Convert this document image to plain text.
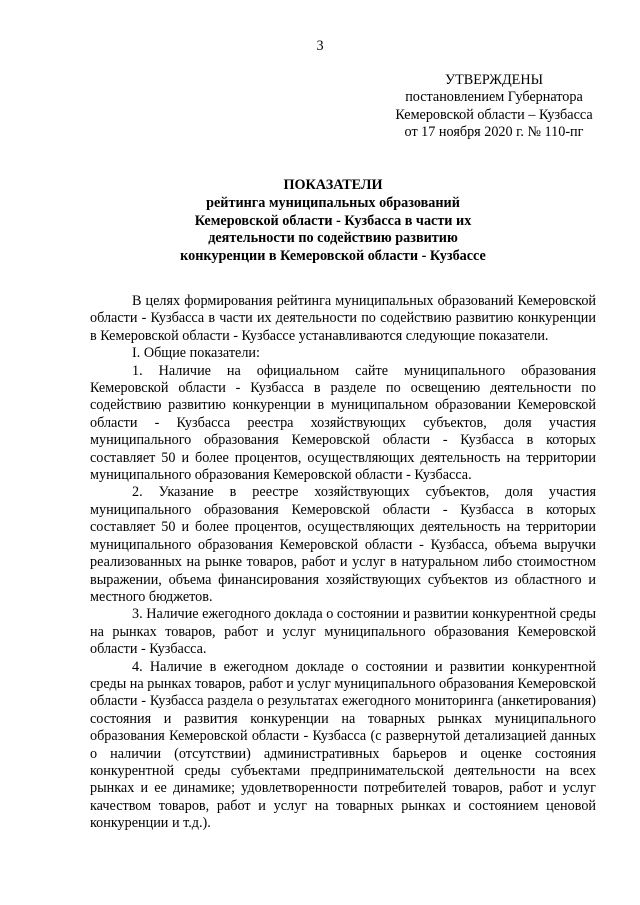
3
УТВЕРЖДЕНЫ
постановлением Губернатора
Кемеровской области – Кузбасса
от 17 ноября 2020 г. № 110-пг
ПОКАЗАТЕЛИ
рейтинга муниципальных образований
Кемеровской области - Кузбасса в части их
деятельности по содействию развитию
конкуренции в Кемеровской области - Кузбассе

В целях формирования рейтинга муниципальных образований Кемеровской области - Кузбасса в части их деятельности по содействию развитию конкуренции в Кемеровской области - Кузбассе устанавливаются следующие показатели.

I. Общие показатели:

1. Наличие на официальном сайте муниципального образования Кемеровской области - Кузбасса в разделе по освещению деятельности по содействию развитию конкуренции в муниципальном образовании Кемеровской области - Кузбасса реестра хозяйствующих субъектов, доля участия муниципального образования Кемеровской области - Кузбасса в которых составляет 50 и более процентов, осуществляющих деятельность на территории муниципального образования Кемеровской области - Кузбасса.

2. Указание в реестре хозяйствующих субъектов, доля участия муниципального образования Кемеровской области - Кузбасса в которых составляет 50 и более процентов, осуществляющих деятельность на территории муниципального образования Кемеровской области - Кузбасса, объема выручки реализованных на рынке товаров, работ и услуг в натуральном либо стоимостном выражении, объема финансирования хозяйствующих субъектов из областного и местного бюджетов.

3. Наличие ежегодного доклада о состоянии и развитии конкурентной среды на рынках товаров, работ и услуг муниципального образования Кемеровской области - Кузбасса.

4. Наличие в ежегодном докладе о состоянии и развитии конкурентной среды на рынках товаров, работ и услуг муниципального образования Кемеровской области - Кузбасса раздела о результатах ежегодного мониторинга (анкетирования) состояния и развития конкуренции на товарных рынках муниципального образования Кемеровской области - Кузбасса (с развернутой детализацией данных о наличии (отсутствии) административных барьеров и оценке состояния конкурентной среды субъектами предпринимательской деятельности на всех рынках и ее динамике; удовлетворенности потребителей товаров, работ и услуг качеством товаров, работ и услуг на товарных рынках и состоянием ценовой конкуренции и т.д.).
